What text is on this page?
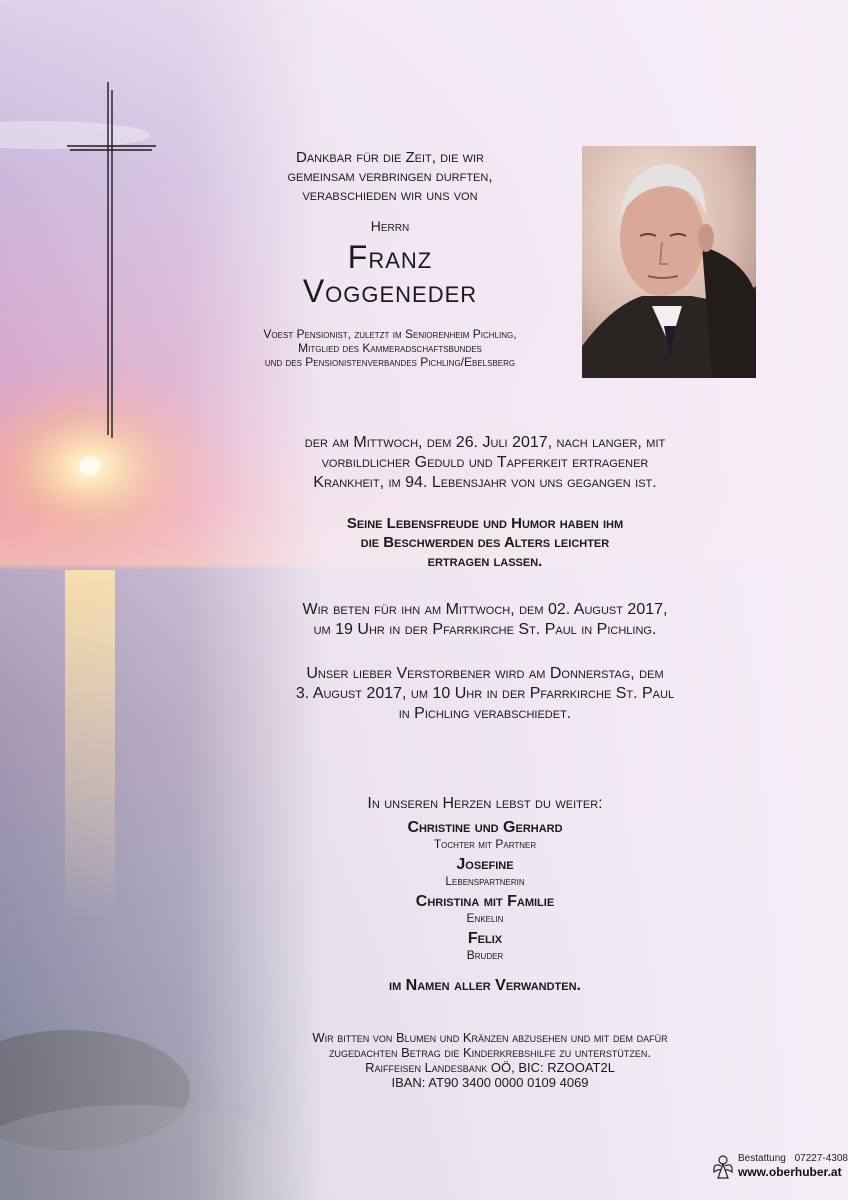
Dankbar für die Zeit, die wir
gemeinsam verbringen durften,
verabschieden wir uns von
Herrn
Franz
Voggeneder
Voest Pensionist, zuletzt im Seniorenheim Pichling,
Mitglied des Kammeradschaftsbundes
und des Pensionistenverbandes Pichling/Ebelsberg
der am Mittwoch, dem 26. Juli 2017, nach langer, mit
vorbildlicher Geduld und Tapferkeit ertragener
Krankheit, im 94. Lebensjahr von uns gegangen ist.
Seine Lebensfreude und Humor haben ihm
die Beschwerden des Alters leichter
ertragen lassen.
Wir beten für ihn am Mittwoch, dem 02. August 2017,
um 19 Uhr in der Pfarrkirche St. Paul in Pichling.
Unser lieber Verstorbener wird am Donnerstag, dem
3. August 2017, um 10 Uhr in der Pfarrkirche St. Paul
in Pichling verabschiedet.
In unseren Herzen lebst du weiter:
Christine und Gerhard
Tochter mit Partner
Josefine
Lebenspartnerin
Christina mit Familie
Enkelin
Felix
Bruder
im Namen aller Verwandten.
Wir bitten von Blumen und Kränzen abzusehen und mit dem dafür
zugedachten Betrag die Kinderkrebshilfe zu unterstützen.
Raiffeisen Landesbank OÖ, BIC: RZOOAT2L
IBAN: AT90 3400 0000 0109 4069
Bestattung 07227-4308
www.oberhuber.at
